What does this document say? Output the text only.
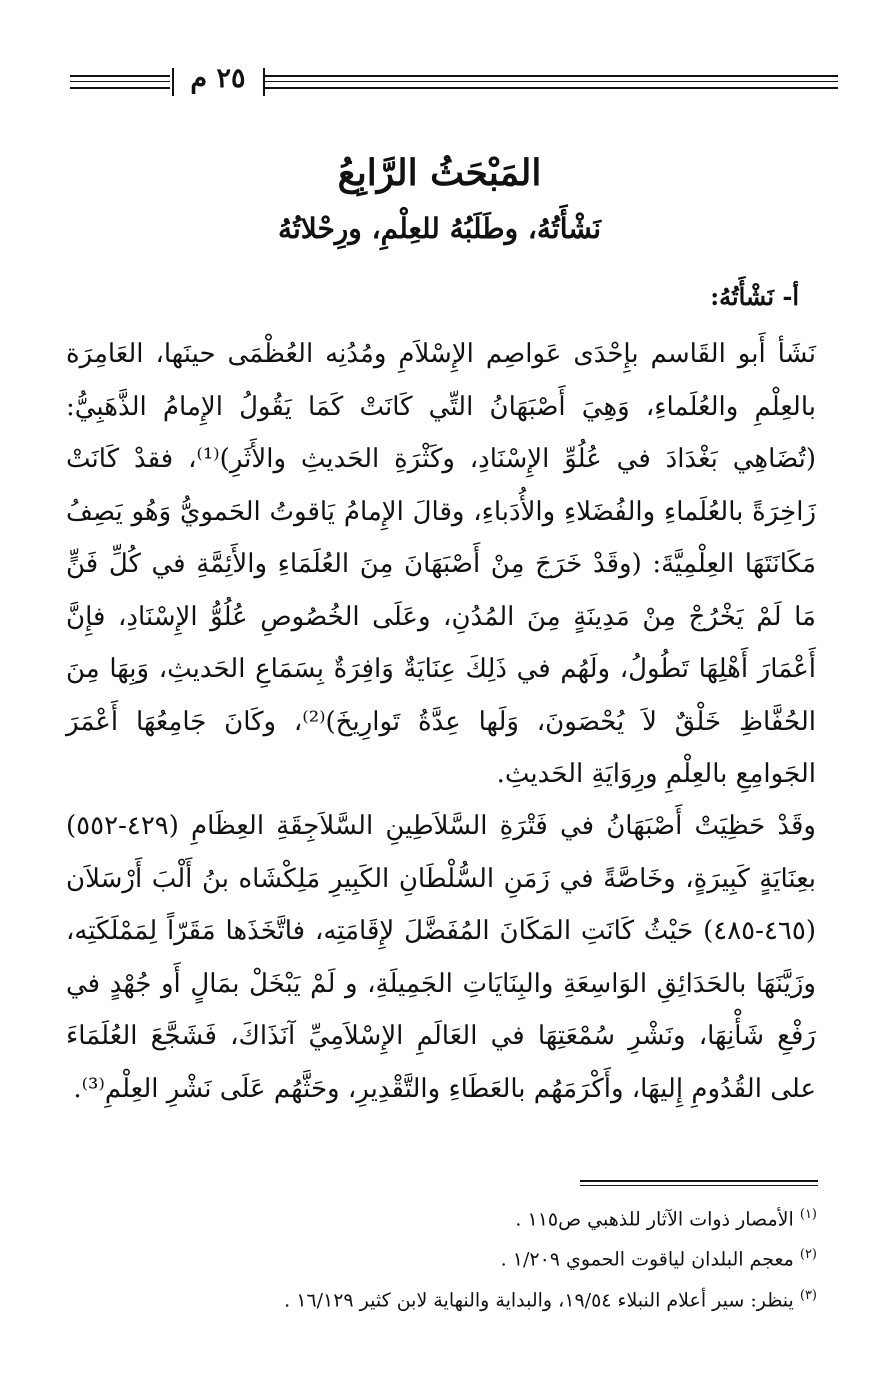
٢٥ م
المَبْحَثُ الرَّابِعُ
نَشْأَتُهُ، وطَلَبُهُ للعِلْمِ، ورِحْلاتُهُ
أ- نَشْأَتُهُ:

نَشَأ أَبو القَاسم بإِحْدَى عَواصِم الإِسْلاَمِ ومُدُنِه العُظْمَى حينَها، العَامِرَة بالعِلْمِ والعُلَماءِ، وَهِيَ أَصْبَهَانُ التِّي كَانَتْ كَمَا يَقُولُ الإِمامُ الذَّهَبِيُّ: (تُضَاهِي بَغْدَادَ في عُلُوِّ الإِسْنَادِ، وكَثْرَةِ الحَديثِ والأَثَرِ)⁽¹⁾، فقدْ كَانَتْ زَاخِرَةً بالعُلَماءِ والفُضَلاءِ والأُدَباءِ، وقالَ الإِمامُ يَاقوتُ الحَمويُّ وَهُو يَصِفُ مَكَانَتَهَا العِلْمِيَّةَ: (وقَدْ خَرَجَ مِنْ أَصْبَهَانَ مِنَ العُلَمَاءِ والأَئِمَّةِ في كُلِّ فَنٍّ مَا لَمْ يَخْرُجْ مِنْ مَدِينَةٍ مِنَ المُدُنِ، وعَلَى الخُصُوصِ عُلُوُّ الإِسْنَادِ، فإِنَّ أَعْمَارَ أَهْلِهَا تَطُولُ، ولَهُم في ذَلِكَ عِنَايَةٌ وَافِرَةٌ بِسَمَاعِ الحَديثِ، وَبِهَا مِنَ الحُفَّاظِ خَلْقٌ لاَ يُحْصَونَ، وَلَها عِدَّةُ تَوارِيخَ)⁽²⁾، وكَانَ جَامِعُهَا أَعْمَرَ الجَوامِعِ بالعِلْمِ ورِوَايَةِ الحَديثِ.

وقَدْ حَظِيَتْ أَصْبَهَانُ في فَتْرَةِ السَّلاَطِينِ السَّلاَجِقَةِ العِظَامِ (٤٢٩-٥٥٢) بعِنَايَةٍ كَبِيرَةٍ، وخَاصَّةً في زَمَنِ السُّلْطَانِ الكَبِيرِ مَلِكْشَاه بنُ أَلْبَ أَرْسَلاَن (٤٦٥-٤٨٥) حَيْثُ كَانَتِ المَكَانَ المُفَضَّلَ لإِقَامَتِه، فاتَّخَذَها مَقَرّاً لِمَمْلَكَتِه، وزَيَّنَهَا بالحَدَائِقِ الوَاسِعَةِ والبِنَايَاتِ الجَمِيلَةِ، و لَمْ يَبْخَلْ بمَالٍ أَو جُهْدٍ في رَفْعِ شَأْنِهَا، ونَشْرِ سُمْعَتِهَا في العَالَمِ الإِسْلاَمِيِّ آنَذَاكَ، فَشَجَّعَ العُلَمَاءَ على القُدُومِ إِليهَا، وأَكْرَمَهُم بالعَطَاءِ والتَّقْدِيرِ، وحَثَّهُم عَلَى نَشْرِ العِلْمِ⁽³⁾.

$^{(١)}$ الأمصار ذوات الآثار للذهبي ص١١٥ .
$^{(٢)}$ معجم البلدان لياقوت الحموي ١/٢٠٩ .
$^{(٣)}$ ينظر: سير أعلام النبلاء ١٩/٥٤، والبداية والنهاية لابن كثير ١٦/١٢٩ .
